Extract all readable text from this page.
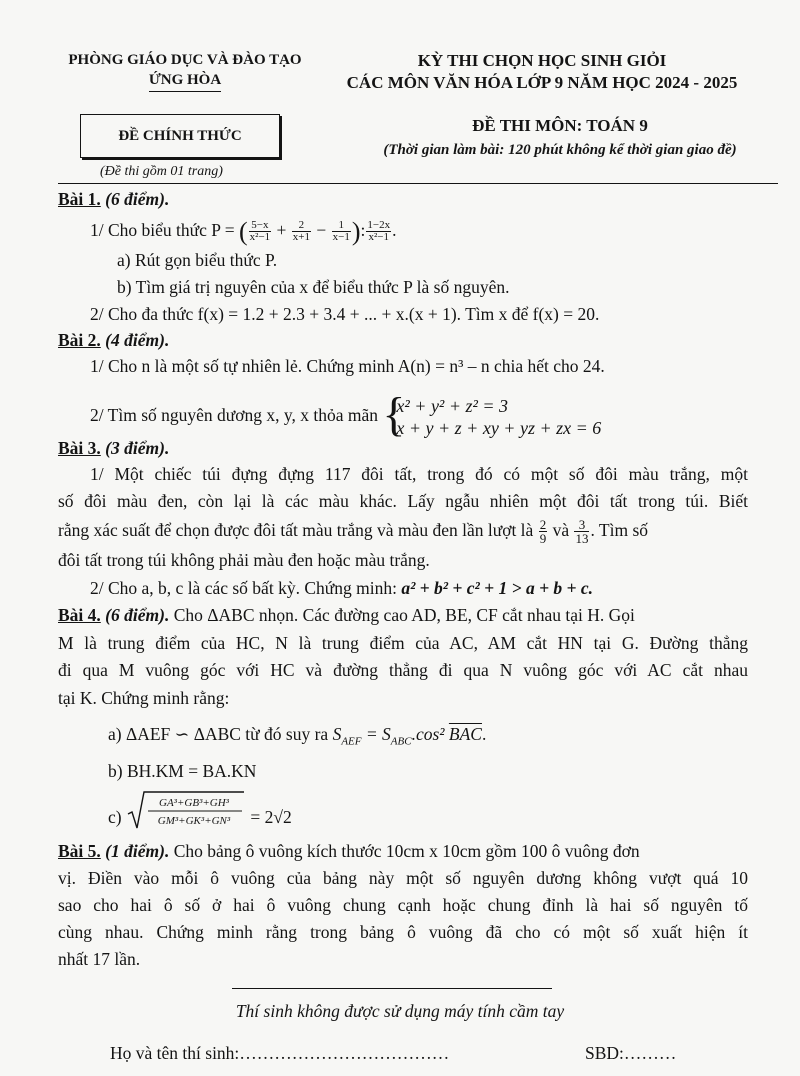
PHÒNG GIÁO DỤC VÀ ĐÀO TẠO
ỨNG HÒA
KỲ THI CHỌN HỌC SINH GIỎI
CÁC MÔN VĂN HÓA LỚP 9 NĂM HỌC 2024 - 2025
ĐỀ CHÍNH THỨC
ĐỀ THI MÔN: TOÁN 9
(Thời gian làm bài: 120 phút không kể thời gian giao đề)
(Đề thi gồm 01 trang)
Bài 1. (6 điểm).
1/ Cho biểu thức P = ( $\frac{5-x}{\text{x²−1}} + \frac{2}{x+1} - \frac{1}{x-1}$ ): $\frac{1-2x}{\text{x²−1}}$ .
a) Rút gọn biểu thức P.
b) Tìm giá trị nguyên của x để biểu thức P là số nguyên.
2/ Cho đa thức f(x) = 1.2 + 2.3 + 3.4 + ... + x.(x + 1). Tìm x để f(x) = 20.
Bài 2. (4 điểm).
1/ Cho n là một số tự nhiên lẻ. Chứng minh A(n) = n³ – n chia hết cho 24.
2/ Tìm số nguyên dương x, y, x thỏa mãn {
x² + y² + z² = 3
x + y + z + xy + yz + zx = 6
Bài 3. (3 điểm).
1/ Một chiếc túi đựng đựng 117 đôi tất, trong đó có một số đôi màu trắng, một
số đôi màu đen, còn lại là các màu khác. Lấy ngẫu nhiên một đôi tất trong túi. Biết
rằng xác suất để chọn được đôi tất màu trắng và màu đen lần lượt là $\frac{2}{9}$ và $\frac{3}{13}$ . Tìm số
đôi tất trong túi không phải màu đen hoặc màu trắng.
2/ Cho a, b, c là các số bất kỳ. Chứng minh: a² + b² + c² + 1 > a + b + c.
Bài 4. (6 điểm). Cho ΔABC nhọn. Các đường cao AD, BE, CF cắt nhau tại H. Gọi
M là trung điểm của HC, N là trung điểm của AC, AM cắt HN tại G. Đường thẳng
đi qua M vuông góc với HC và đường thẳng đi qua N vuông góc với AC cắt nhau
tại K. Chứng minh rằng:
a) ΔAEF ∽ ΔABC từ đó suy ra $S_{AEF} = S_{ABC}.\cos^2$ $\overline{BAC}$.
b) BH.KM = BA.KN
c)
GA³+GB³+GH³
GM³+GK³+GN³ = 2√2
Bài 5. (1 điểm). Cho bảng ô vuông kích thước 10cm x 10cm gồm 100 ô vuông đơn
vị. Điền vào mỗi ô vuông của bảng này một số nguyên dương không vượt quá 10
sao cho hai ô số ở hai ô vuông chung cạnh hoặc chung đỉnh là hai số nguyên tố
cùng nhau. Chứng minh rằng trong bảng ô vuông đã cho có một số xuất hiện ít
nhất 17 lần.
Thí sinh không được sử dụng máy tính cầm tay
Họ và tên thí sinh:………………………………	SBD:………
